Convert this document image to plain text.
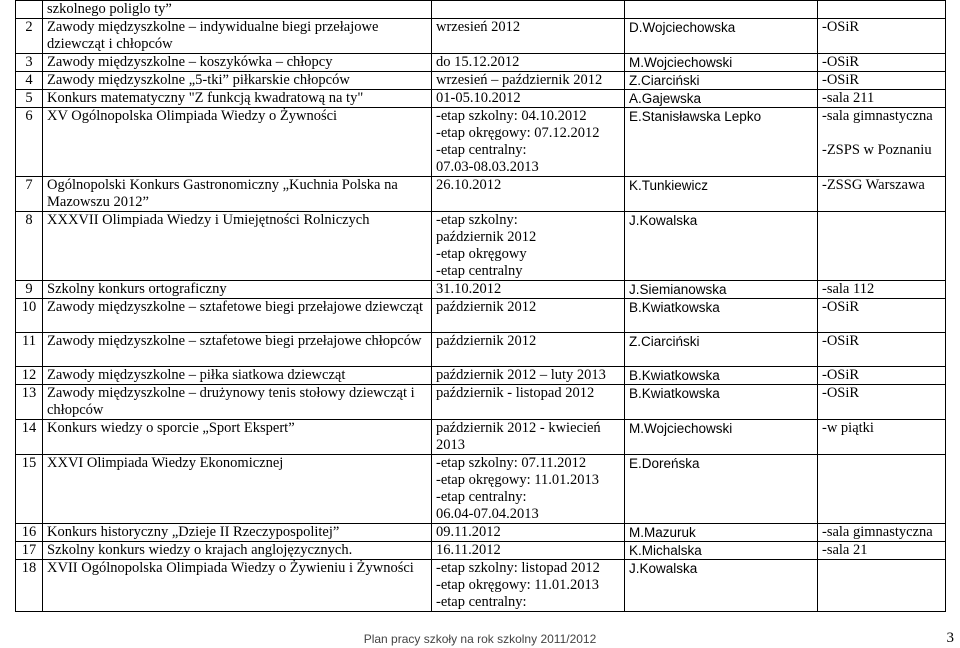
	szkolnego poliglo ty”			
2	Zawody międzyszkolne – indywidualne biegi przełajowe dziewcząt i chłopców	wrzesień 2012	D.Wojciechowska	-OSiR
3	Zawody międzyszkolne – koszykówka – chłopcy	do 15.12.2012	M.Wojciechowski	-OSiR
4	Zawody międzyszkolne „5-tki” piłkarskie chłopców	wrzesień – październik 2012	Z.Ciarciński	-OSiR
5	Konkurs matematyczny "Z funkcją kwadratową na ty"	01-05.10.2012	A.Gajewska	-sala 211
6	XV Ogólnopolska Olimpiada Wiedzy o Żywności	-etap szkolny: 04.10.2012
-etap okręgowy: 07.12.2012
-etap centralny:
07.03-08.03.2013	E.Stanisławska Lepko	-sala gimnastyczna

-ZSPS w Poznaniu
7	Ogólnopolski Konkurs Gastronomiczny „Kuchnia Polska na Mazowszu 2012”	26.10.2012	K.Tunkiewicz	-ZSSG Warszawa
8	XXXVII Olimpiada Wiedzy i Umiejętności Rolniczych	-etap szkolny:
październik 2012
-etap okręgowy
-etap centralny	J.Kowalska	
9	Szkolny konkurs ortograficzny	31.10.2012	J.Siemianowska	-sala 112
10	Zawody międzyszkolne – sztafetowe biegi przełajowe dziewcząt	październik 2012	B.Kwiatkowska	-OSiR
11	Zawody międzyszkolne – sztafetowe biegi przełajowe chłopców	październik 2012	Z.Ciarciński	-OSiR
12	Zawody międzyszkolne – piłka siatkowa dziewcząt	październik 2012 – luty 2013	B.Kwiatkowska	-OSiR
13	Zawody międzyszkolne – drużynowy tenis stołowy dziewcząt i chłopców	październik - listopad 2012	B.Kwiatkowska	-OSiR
14	Konkurs wiedzy o sporcie „Sport Ekspert”	październik 2012 - kwiecień 2013	M.Wojciechowski	-w piątki
15	XXVI Olimpiada Wiedzy Ekonomicznej	-etap szkolny: 07.11.2012
-etap okręgowy: 11.01.2013
-etap centralny:
06.04-07.04.2013	E.Doreńska	
16	Konkurs historyczny „Dzieje II Rzeczypospolitej”	09.11.2012	M.Mazuruk	-sala gimnastyczna
17	Szkolny konkurs wiedzy o krajach anglojęzycznych.	16.11.2012	K.Michalska	-sala 21
18	XVII Ogólnopolska Olimpiada Wiedzy o Żywieniu i Żywności	-etap szkolny: listopad 2012
-etap okręgowy: 11.01.2013
-etap centralny:	J.Kowalska	
Plan pracy szkoły na rok szkolny 2011/2012	3
